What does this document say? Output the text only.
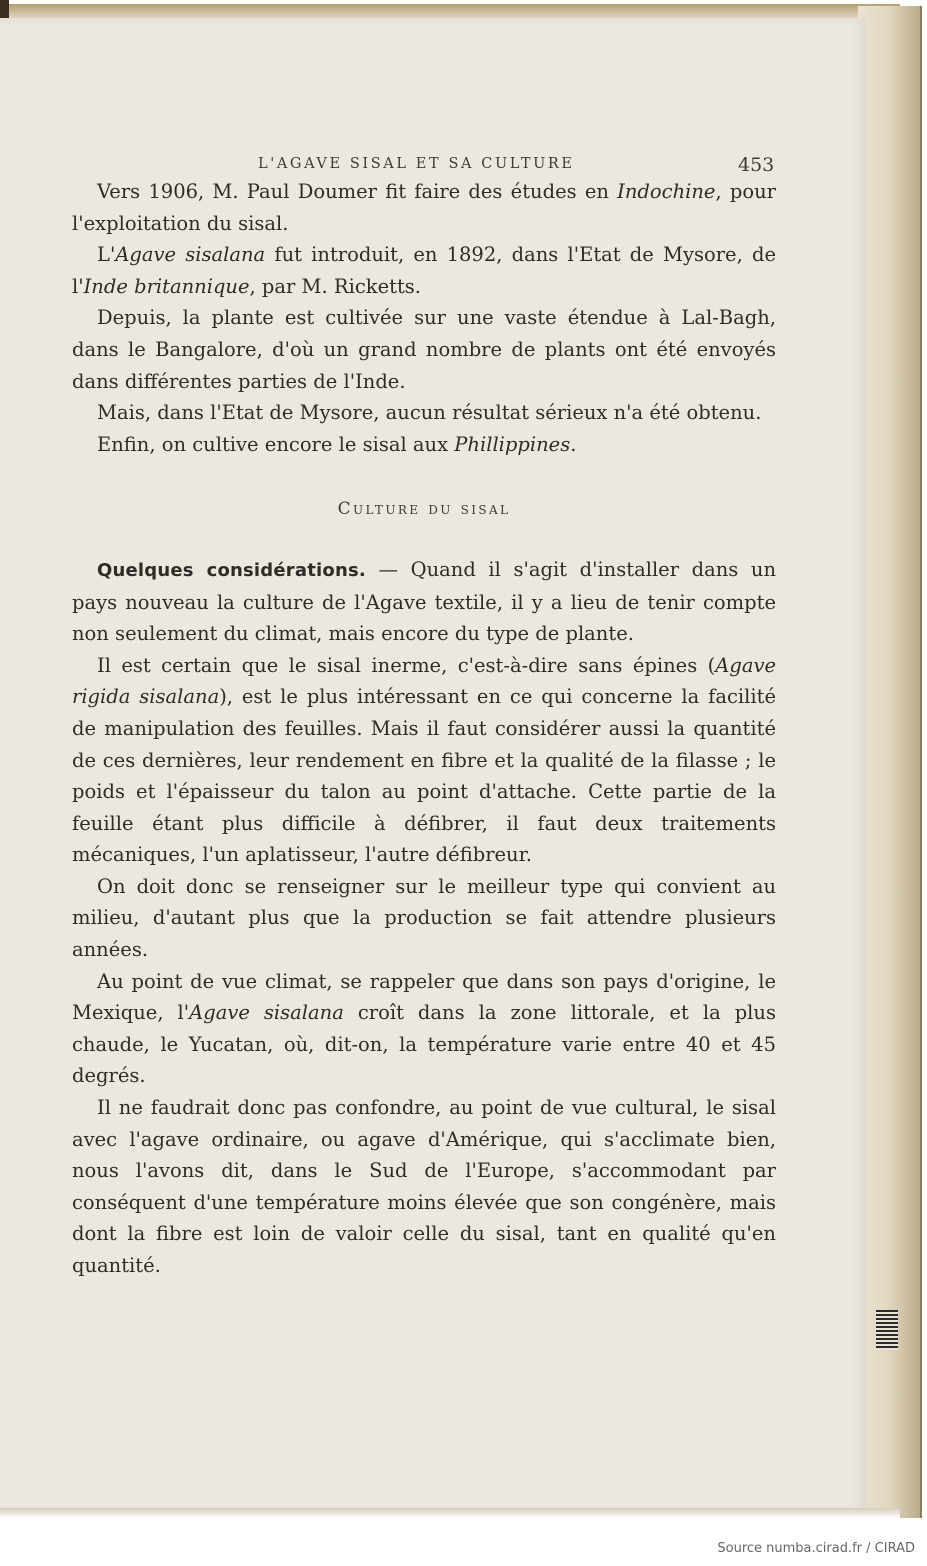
L'AGAVE SISAL ET SA CULTURE	453

Vers 1906, M. Paul Doumer fit faire des études en Indochine, pour l'exploitation du sisal.

L'Agave sisalana fut introduit, en 1892, dans l'Etat de Mysore, de l'Inde britannique, par M. Ricketts.

Depuis, la plante est cultivée sur une vaste étendue à Lal-Bagh, dans le Bangalore, d'où un grand nombre de plants ont été envoyés dans différentes parties de l'Inde.

Mais, dans l'Etat de Mysore, aucun résultat sérieux n'a été obtenu.

Enfin, on cultive encore le sisal aux Phillippines.

Culture du sisal

Quelques considérations. — Quand il s'agit d'installer dans un pays nouveau la culture de l'Agave textile, il y a lieu de tenir compte non seulement du climat, mais encore du type de plante.

Il est certain que le sisal inerme, c'est-à-dire sans épines (Agave rigida sisalana), est le plus intéressant en ce qui concerne la facilité de manipulation des feuilles. Mais il faut considérer aussi la quantité de ces dernières, leur rendement en fibre et la qualité de la filasse ; le poids et l'épaisseur du talon au point d'attache. Cette partie de la feuille étant plus difficile à défibrer, il faut deux traitements mécaniques, l'un aplatisseur, l'autre défibreur.

On doit donc se renseigner sur le meilleur type qui convient au milieu, d'autant plus que la production se fait attendre plusieurs années.

Au point de vue climat, se rappeler que dans son pays d'origine, le Mexique, l'Agave sisalana croît dans la zone littorale, et la plus chaude, le Yucatan, où, dit-on, la température varie entre 40 et 45 degrés.

Il ne faudrait donc pas confondre, au point de vue cultural, le sisal avec l'agave ordinaire, ou agave d'Amérique, qui s'acclimate bien, nous l'avons dit, dans le Sud de l'Europe, s'accommodant par conséquent d'une température moins élevée que son congénère, mais dont la fibre est loin de valoir celle du sisal, tant en qualité qu'en quantité.

Source numba.cirad.fr / CIRAD
